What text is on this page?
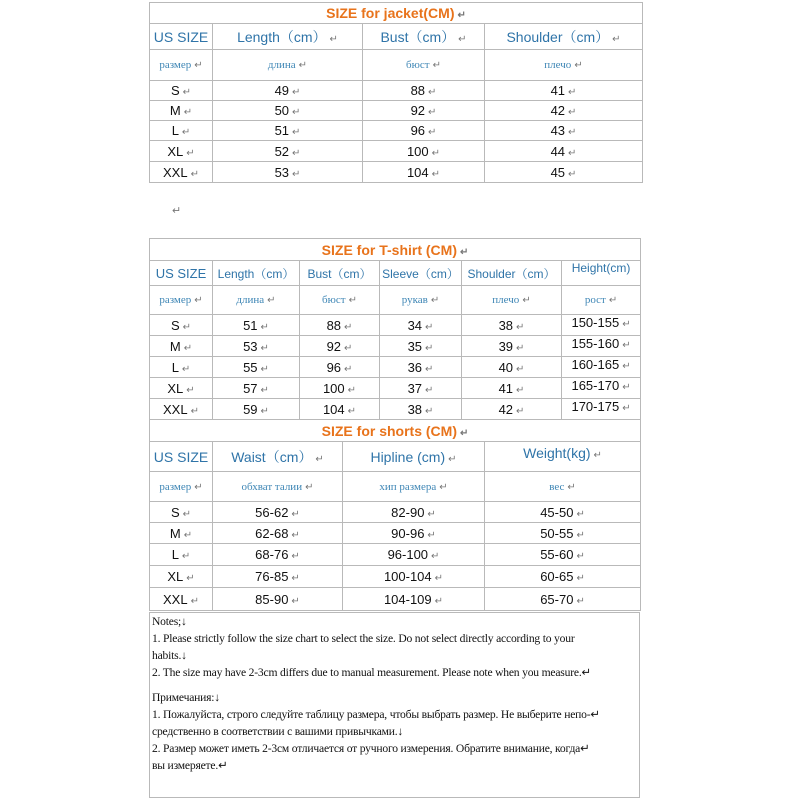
SIZE for jacket(CM) ↵			
US SIZE	Length（cm） ↵	Bust（cm） ↵	Shoulder（cm） ↵
размер ↵	длина ↵	бюст ↵	плечо ↵
S ↵	49 ↵	88 ↵	41 ↵
M ↵	50 ↵	92 ↵	42 ↵
L ↵	51 ↵	96 ↵	43 ↵
XL ↵	52 ↵	100 ↵	44 ↵
XXL ↵	53 ↵	104 ↵	45 ↵
↵
SIZE for T-shirt (CM) ↵					
US SIZE	Length（cm）	Bust（cm）	Sleeve（cm）	Shoulder（cm）	Height(cm)
размер ↵	длина ↵	бюст ↵	рукав ↵	плечо ↵	рост ↵
S ↵	51 ↵	88 ↵	34 ↵	38 ↵	150-155 ↵
M ↵	53 ↵	92 ↵	35 ↵	39 ↵	155-160 ↵
L ↵	55 ↵	96 ↵	36 ↵	40 ↵	160-165 ↵
XL ↵	57 ↵	100 ↵	37 ↵	41 ↵	165-170 ↵
XXL ↵	59 ↵	104 ↵	38 ↵	42 ↵	170-175 ↵
SIZE for shorts (CM) ↵			
US SIZE	Waist（cm） ↵	Hipline (cm) ↵	Weight(kg) ↵
размер ↵	обхват талии ↵	хип размера ↵	вес ↵
S ↵	56-62 ↵	82-90 ↵	45-50 ↵
M ↵	62-68 ↵	90-96 ↵	50-55 ↵
L ↵	68-76 ↵	96-100 ↵	55-60 ↵
XL ↵	76-85 ↵	100-104 ↵	60-65 ↵
XXL ↵	85-90 ↵	104-109 ↵	65-70 ↵
Notes;↓
1. Please strictly follow the size chart to select the size. Do not select directly according to your
habits.↓
2. The size may have 2-3cm differs due to manual measurement. Please note when you measure.↵
Примечания:↓
1. Пожалуйста, строго следуйте таблицу размера, чтобы выбрать размер. Не выберите непо-↵
средственно в соответствии с вашими привычками.↓
2. Размер может иметь 2-3см отличается от ручного измерения. Обратите внимание, когда↵
вы измеряете.↵
